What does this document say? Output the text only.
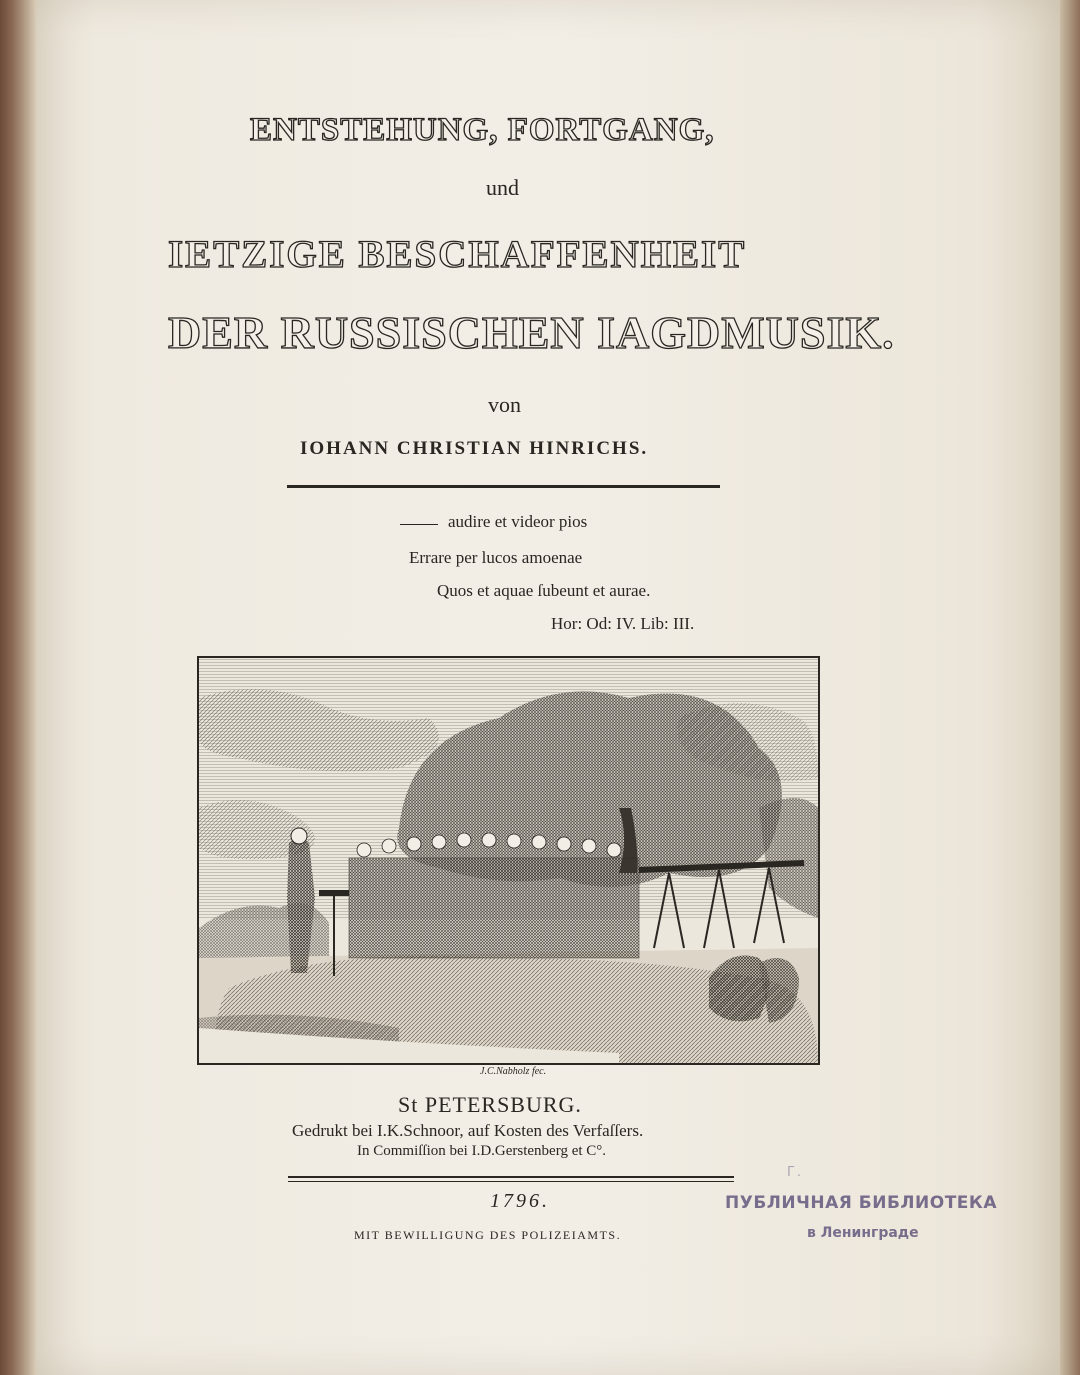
ENTSTEHUNG, FORTGANG,
und
IETZIGE BESCHAFFENHEIT
DER RUSSISCHEN IAGDMUSIK.
von
IOHANN CHRISTIAN HINRICHS.
audire et videor pios
Errare per lucos amoenae
Quos et aquae ſubeunt et aurae.
Hor: Od: IV. Lib: III.
J.C.Nabholz fec.
St PETERSBURG.
Gedrukt bei I.K.Schnoor, auf Kosten des Verfaſſers.
In Commiſſion bei I.D.Gerstenberg et C°.
1796.
MIT BEWILLIGUNG DES POLIZEIAMTS.
Г.
ПУБЛИЧНАЯ БИБЛИОТЕКА
в Ленинграде
